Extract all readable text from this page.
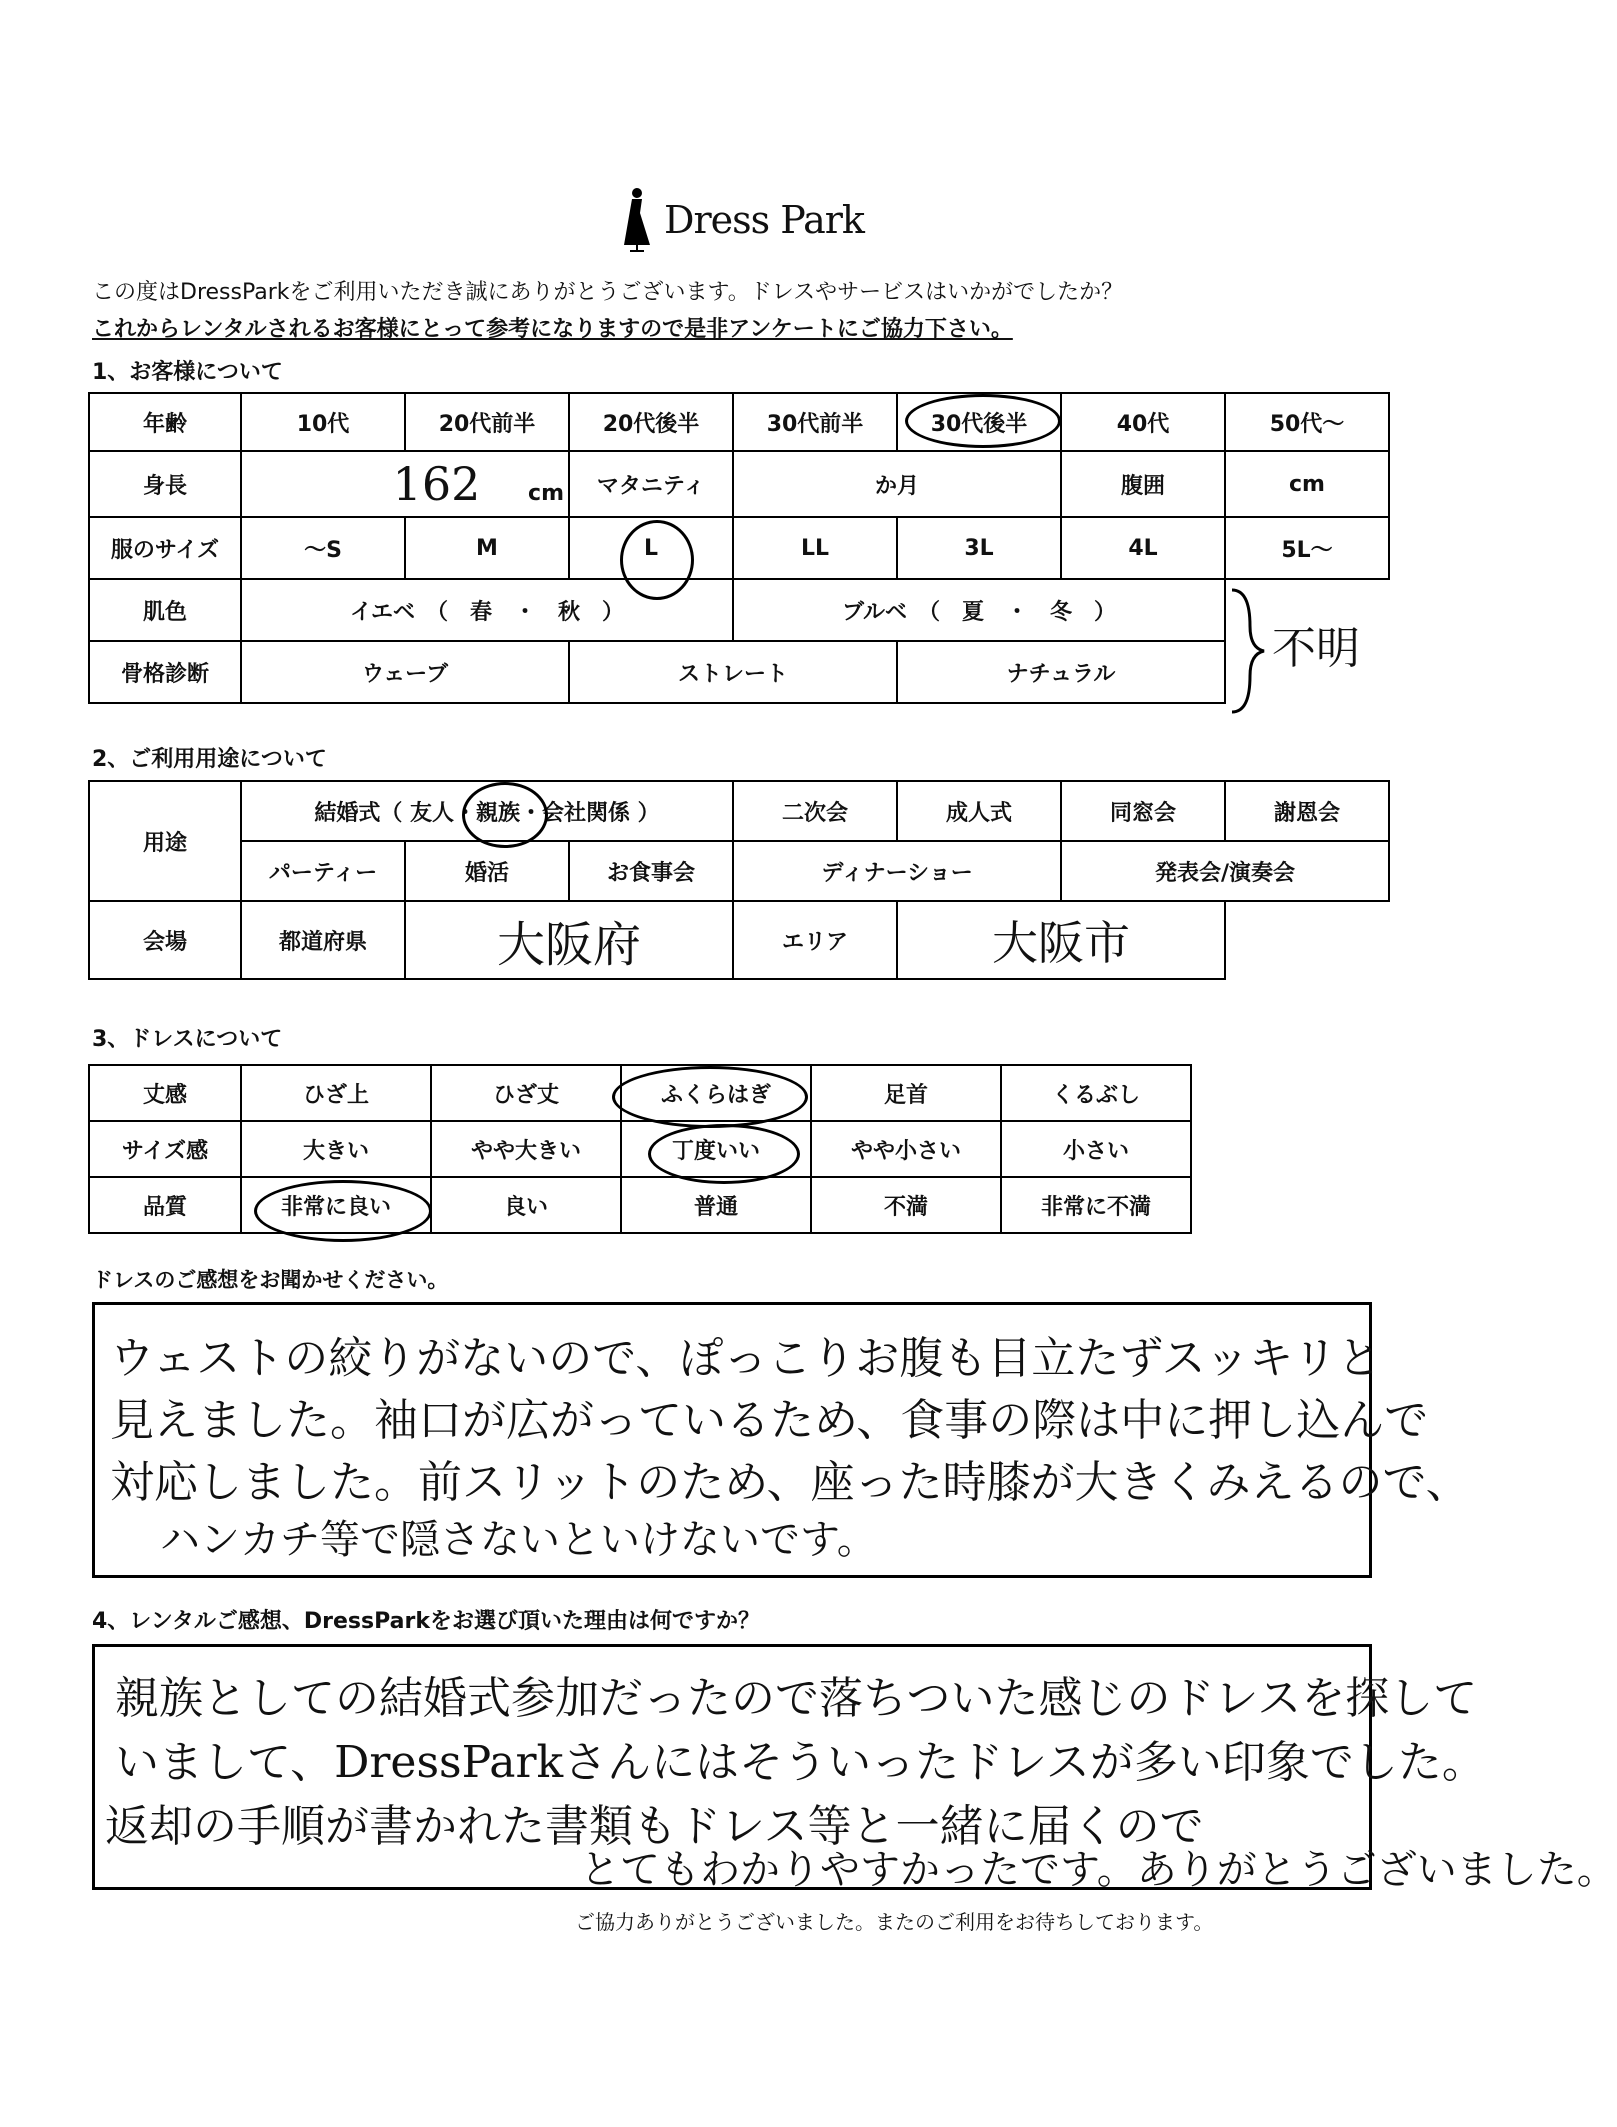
Dress Park
この度はDressParkをご利用いただき誠にありがとうございます。ドレスやサービスはいかがでしたか？
これからレンタルされるお客様にとって参考になりますので是非アンケートにご協力下さい。
1、お客様について
年齢	10代	20代前半	20代後半	30代前半	30代後半	40代	50代～
身長	162 cm		マタニティ	か月		腹囲	cm
服のサイズ	～S	M	L	LL	3L	4L	5L～
肌色	イエベ　（　春　・　秋　）			ブルベ　（　夏　・　冬　）			
骨格診断	ウェーブ		ストレート		ナチュラル			不明
2、ご利用用途について
用途	結婚式（ 友人・親族・会社関係 ）			二次会	成人式	同窓会	謝恩会
	パーティー	婚活	お食事会	ディナーショー		発表会/演奏会	
会場	都道府県	大阪府		エリア	大阪市		
3、ドレスについて
丈感	ひざ上	ひざ丈	ふくらはぎ	足首	くるぶし
サイズ感	大きい	やや大きい	丁度いい	やや小さい	小さい
品質	非常に良い	良い	普通	不満	非常に不満
ドレスのご感想をお聞かせください。
ウェストの絞りがないので、ぽっこりお腹も目立たずスッキリと
見えました。袖口が広がっているため、食事の際は中に押し込んで
対応しました。前スリットのため、座った時膝が大きくみえるので、
ハンカチ等で隠さないといけないです。
4、レンタルご感想、DressParkをお選び頂いた理由は何ですか？
親族としての結婚式参加だったので落ちついた感じのドレスを探して
いまして、DressParkさんにはそういったドレスが多い印象でした。
返却の手順が書かれた書類もドレス等と一緒に届くので
とてもわかりやすかったです。ありがとうございました。
ご協力ありがとうございました。またのご利用をお待ちしております。
